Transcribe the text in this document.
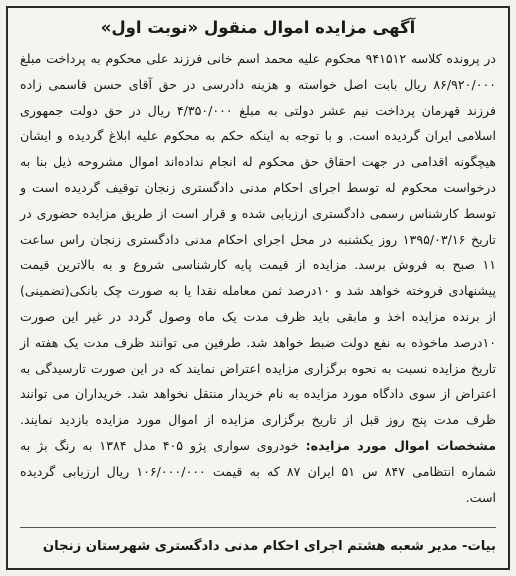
آگهی مزایده اموال منقول «نوبت اول»

در پرونده کلاسه ۹۴۱۵۱۲ محکوم علیه محمد اسم خانی فرزند علی محکوم به پرداخت مبلغ ۸۶/۹۲۰/۰۰۰ ریال بابت اصل خواسته و هزینه دادرسی در حق آقای حسن قاسمی زاده فرزند قهرمان پرداخت نیم عشر دولتی به مبلغ ۴/۳۵۰/۰۰۰ ریال در حق دولت جمهوری اسلامی ایران گردیده است. و با توجه به اینکه حکم به محکوم علیه ابلاغ گردیده و ایشان هیچگونه اقدامی در جهت احقاق حق محکوم له انجام نداده‌اند اموال مشروحه ذیل بنا به درخواست محکوم له توسط اجرای احکام مدنی دادگستری زنجان توقیف گردیده است و توسط کارشناس رسمی دادگستری ارزیابی شده و قرار است از طریق مزایده حضوری در تاریخ ۱۳۹۵/۰۳/۱۶ روز یکشنبه در محل اجرای احکام مدنی دادگستری زنجان راس ساعت ۱۱ صبح به فروش برسد. مزایده از قیمت پایه کارشناسی شروع و به بالاترین قیمت پیشنهادی فروخته خواهد شد و ۱۰درصد ثمن معامله نقدا یا به صورت چک بانکی(تضمینی) از برنده مزایده اخذ و مابقی باید ظرف مدت یک ماه وصول گردد در غیر این صورت ۱۰درصد ماخوذه به نفع دولت ضبط خواهد شد. طرفین می توانند ظرف مدت یک هفته از تاریخ مزایده نسبت به نحوه برگزاری مزایده اعتراض نمایند که در این صورت تارسیدگی به اعتراض از سوی دادگاه مورد مزایده به نام خریدار منتقل نخواهد شد. خریداران می توانند ظرف مدت پنج روز قبل از تاریخ برگزاری مزایده از اموال مورد مزایده بازدید نمایند. مشخصات اموال مورد مزایده: خودروی سواری پژو ۴۰۵ مدل ۱۳۸۴ به رنگ بژ به شماره انتظامی ۸۴۷ س ۵۱ ایران ۸۷ که به قیمت ۱۰۶/۰۰۰/۰۰۰ ریال ارزیابی گردیده است.

بیات- مدیر شعبه هشتم اجرای احکام مدنی دادگستری شهرستان زنجان
